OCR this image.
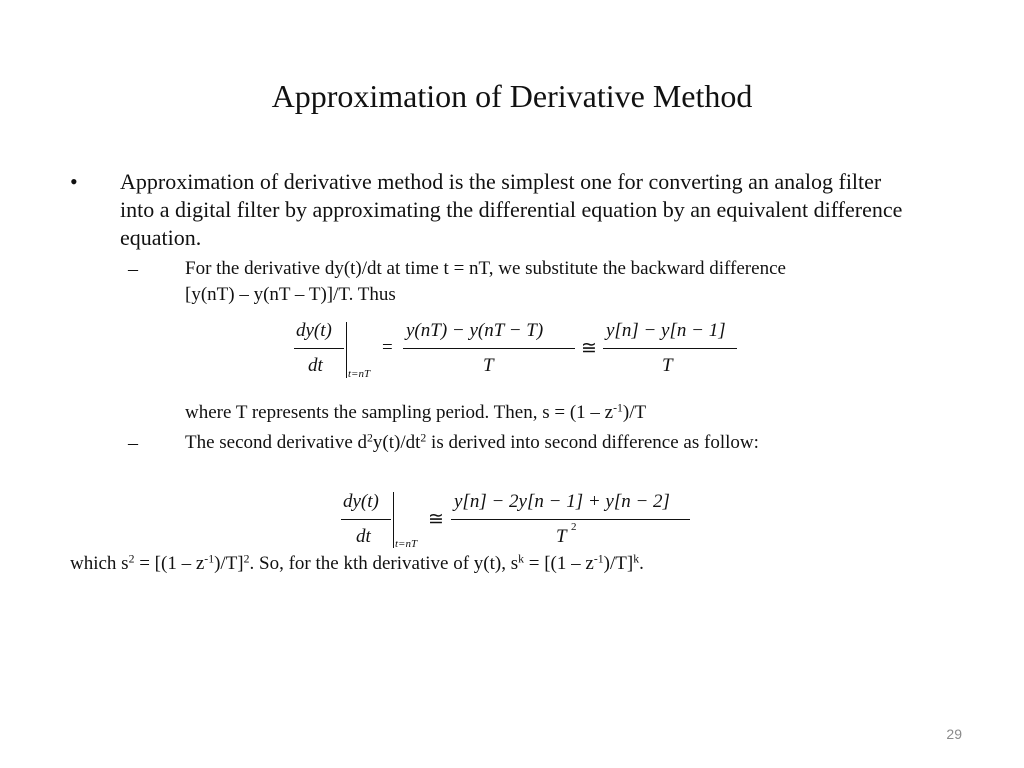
Approximation of Derivative Method
• Approximation of derivative method is the simplest one for converting an analog filter into a digital filter by approximating the differential equation by an equivalent difference equation.

– For the derivative dy(t)/dt at time t = nT, we substitute the backward difference

[y(nT) – y(nT – T)]/T. Thus

dy(t)
dt t=nT
=
y(nT) − y(nT − T)
T
≅
y[n] − y[n − 1]
T

where T represents the sampling period. Then, $s = (1 - z^{-1})/T$

– The second derivative $d^2y(t)/dt^2$ is derived into second difference as follow:

dy(t)
dt t=nT
≅
y[n] − 2y[n − 1] + y[n − 2]
T 2

which $s^2 = [(1 - z^{-1})/T]^2$. So, for the kth derivative of y(t), $s^k = [(1 - z^{-1})/T]^k$.

29
